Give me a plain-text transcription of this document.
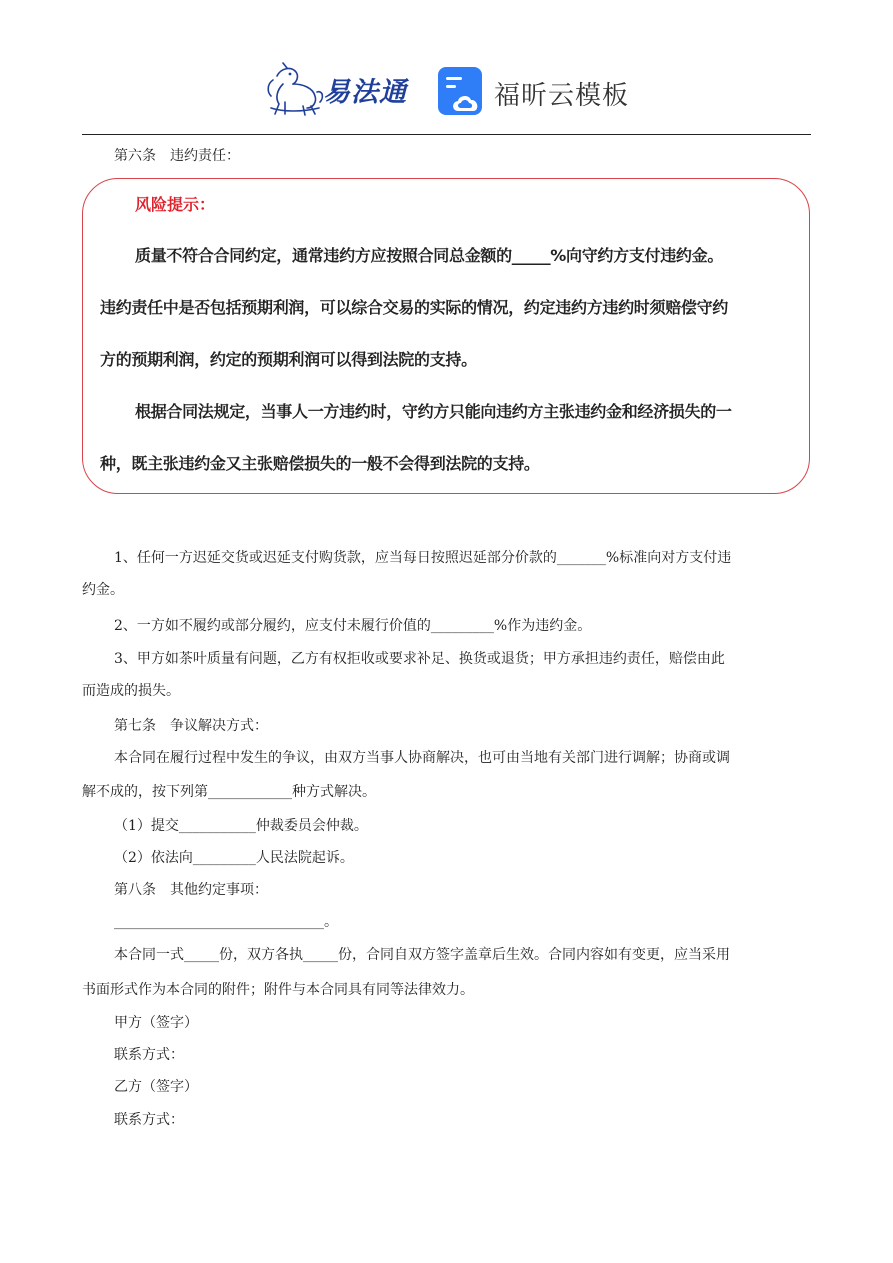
易法通	福昕云模板
第六条　违约责任：
风险提示：
质量不符合合同约定，通常违约方应按照合同总金额的_____%向守约方支付违约金。
违约责任中是否包括预期利润，可以综合交易的实际的情况，约定违约方违约时须赔偿守约
方的预期利润，约定的预期利润可以得到法院的支持。
根据合同法规定，当事人一方违约时，守约方只能向违约方主张违约金和经济损失的一
种，既主张违约金又主张赔偿损失的一般不会得到法院的支持。
1、任何一方迟延交货或迟延支付购货款，应当每日按照迟延部分价款的_______%标准向对方支付违
约金。
2、一方如不履约或部分履约，应支付未履行价值的_________%作为违约金。
3、甲方如茶叶质量有问题，乙方有权拒收或要求补足、换货或退货；甲方承担违约责任，赔偿由此
而造成的损失。
第七条　争议解决方式：
本合同在履行过程中发生的争议，由双方当事人协商解决，也可由当地有关部门进行调解；协商或调
解不成的，按下列第____________种方式解决。
（1）提交___________仲裁委员会仲裁。
（2）依法向_________人民法院起诉。
第八条　其他约定事项：
______________________________。
本合同一式_____份，双方各执_____份，合同自双方签字盖章后生效。合同内容如有变更，应当采用
书面形式作为本合同的附件；附件与本合同具有同等法律效力。
甲方（签字）
联系方式：
乙方（签字）
联系方式：
